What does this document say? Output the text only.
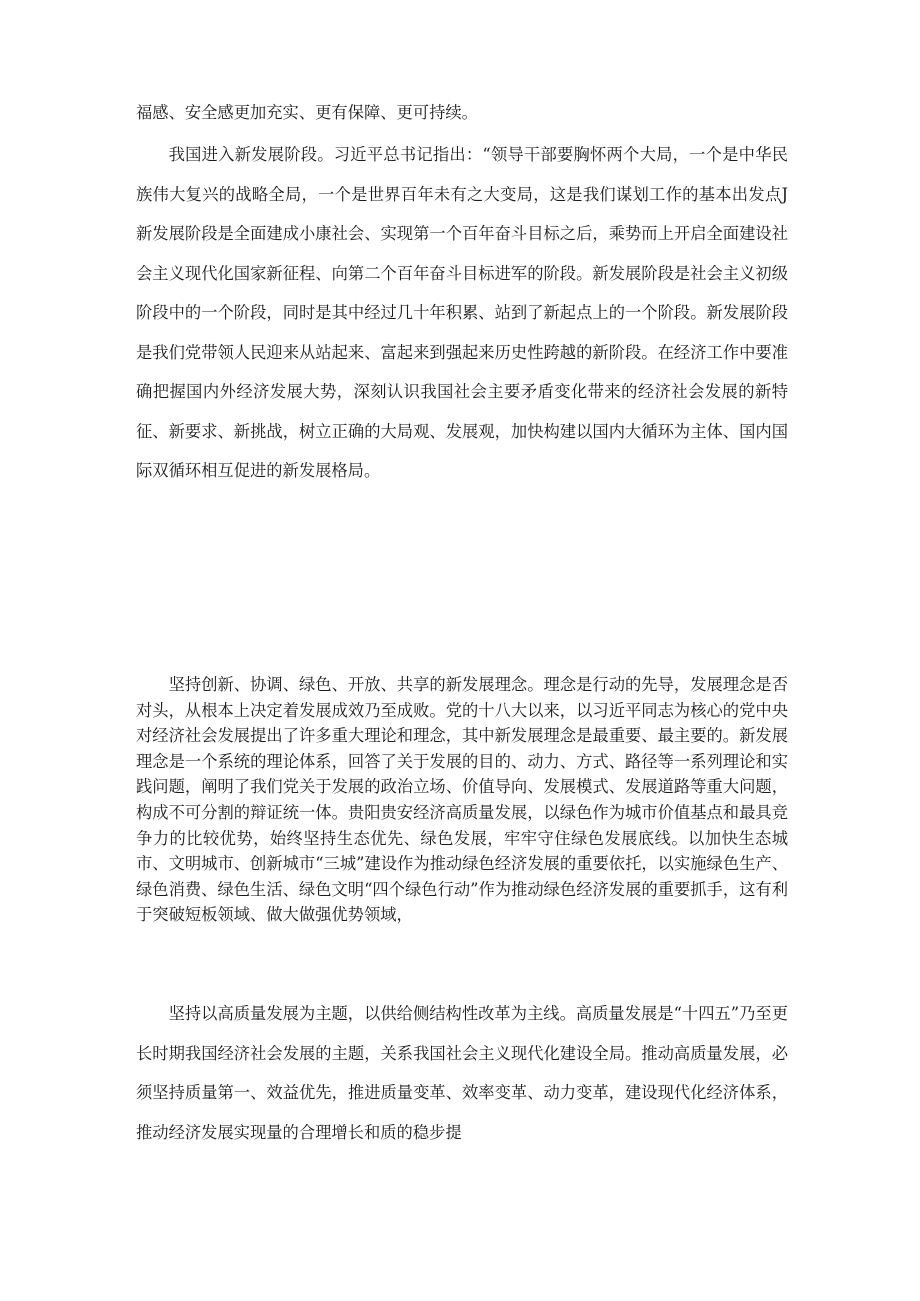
福感、安全感更加充实、更有保障、更可持续。

我国进入新发展阶段。习近平总书记指出：“领导干部要胸怀两个大局，一个是中华民族伟大复兴的战略全局，一个是世界百年未有之大变局，这是我们谋划工作的基本出发点J新发展阶段是全面建成小康社会、实现第一个百年奋斗目标之后，乘势而上开启全面建设社会主义现代化国家新征程、向第二个百年奋斗目标进军的阶段。新发展阶段是社会主义初级阶段中的一个阶段，同时是其中经过几十年积累、站到了新起点上的一个阶段。新发展阶段是我们党带领人民迎来从站起来、富起来到强起来历史性跨越的新阶段。在经济工作中要准确把握国内外经济发展大势，深刻认识我国社会主要矛盾变化带来的经济社会发展的新特征、新要求、新挑战，树立正确的大局观、发展观，加快构建以国内大循环为主体、国内国际双循环相互促进的新发展格局。

坚持创新、协调、绿色、开放、共享的新发展理念。理念是行动的先导，发展理念是否对头，从根本上决定着发展成效乃至成败。党的十八大以来，以习近平同志为核心的党中央对经济社会发展提出了许多重大理论和理念，其中新发展理念是最重要、最主要的。新发展理念是一个系统的理论体系，回答了关于发展的目的、动力、方式、路径等一系列理论和实践问题，阐明了我们党关于发展的政治立场、价值导向、发展模式、发展道路等重大问题，构成不可分割的辩证统一体。贵阳贵安经济高质量发展，以绿色作为城市价值基点和最具竞争力的比较优势，始终坚持生态优先、绿色发展，牢牢守住绿色发展底线。以加快生态城市、文明城市、创新城市“三城”建设作为推动绿色经济发展的重要依托，以实施绿色生产、绿色消费、绿色生活、绿色文明“四个绿色行动”作为推动绿色经济发展的重要抓手，这有利于突破短板领域、做大做强优势领域，

坚持以高质量发展为主题，以供给侧结构性改革为主线。高质量发展是“十四五”乃至更长时期我国经济社会发展的主题，关系我国社会主义现代化建设全局。推动高质量发展，必须坚持质量第一、效益优先，推进质量变革、效率变革、动力变革，建设现代化经济体系，推动经济发展实现量的合理增长和质的稳步提
